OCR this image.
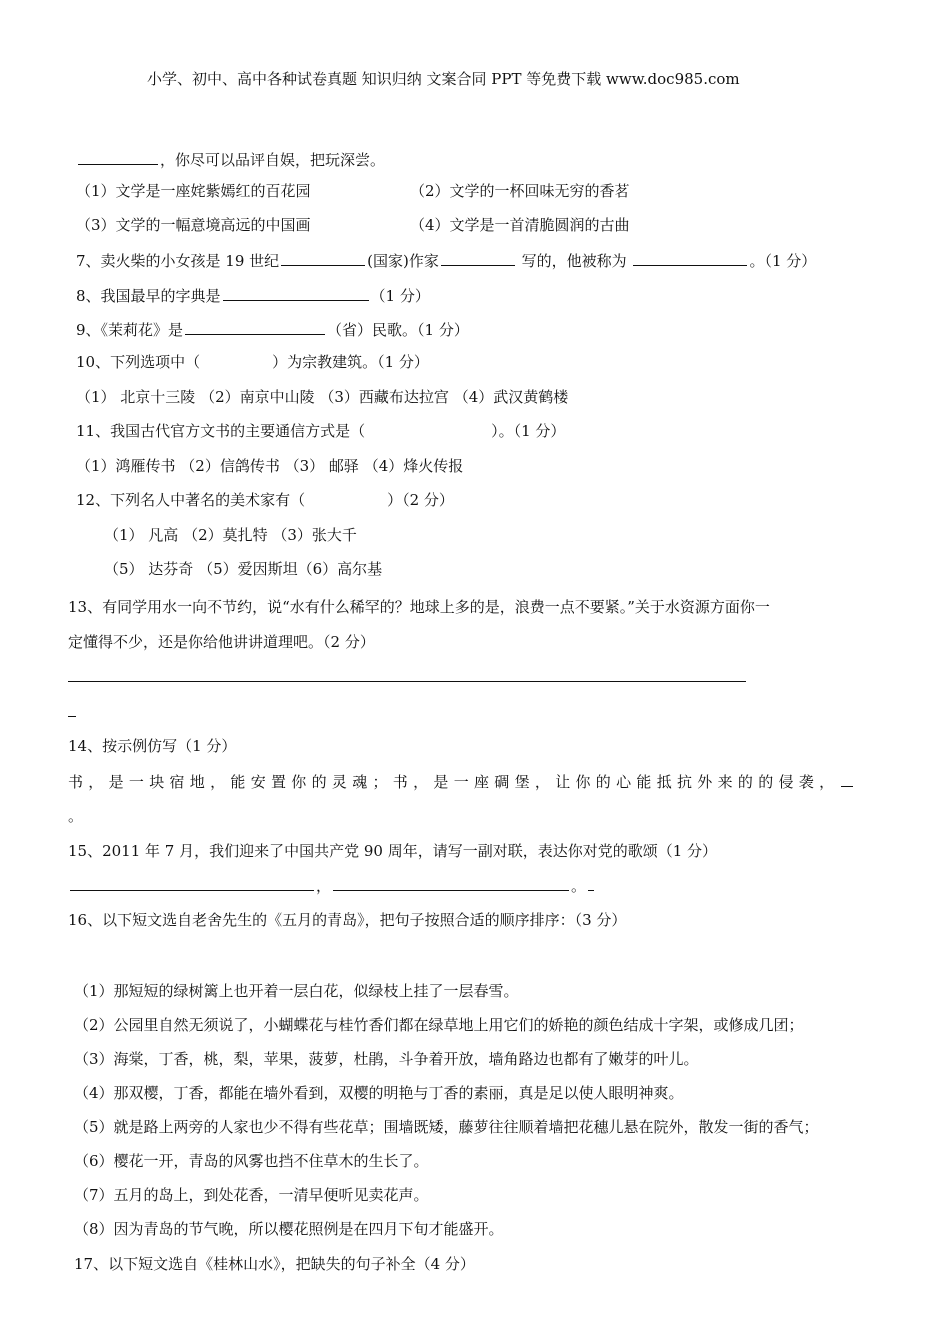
小学、初中、高中各种试卷真题 知识归纳 文案合同 PPT 等免费下载 www.doc985.com
，你尽可以品评自娱，把玩深尝。
（1）文学是一座姹紫嫣红的百花园	（2）文学的一杯回味无穷的香茗
（3）文学的一幅意境高远的中国画	（4）文学是一首清脆圆润的古曲
7、卖火柴的小女孩是 19 世纪	(国家)作家	写的，他被称为	。（1 分）
8、我国最早的字典是	（1 分）
9、《茉莉花》是	（省）民歌。（1 分）
10、下列选项中（	）为宗教建筑。（1 分）
（1） 北京十三陵 （2）南京中山陵 （3）西藏布达拉宫 （4）武汉黄鹤楼
11、我国古代官方文书的主要通信方式是（	）。（1 分）
（1）鸿雁传书 （2）信鸽传书 （3） 邮驿 （4）烽火传报
12、下列名人中著名的美术家有（	）（2 分）
（1） 凡高 （2）莫扎特 （3）张大千
（5） 达芬奇 （5）爱因斯坦（6）高尔基
13、有同学用水一向不节约，说“水有什么稀罕的？地球上多的是，浪费一点不要紧。”关于水资源方面你一
定懂得不少，还是你给他讲讲道理吧。（2 分）
14、按示例仿写（1 分）
书，是一块宿地，能安置你的灵魂；书，是一座碉堡，让你的心能抵抗外来的的侵袭，
。
15、2011 年 7 月，我们迎来了中国共产党 90 周年，请写一副对联，表达你对党的歌颂（1 分）
，	。
16、以下短文选自老舍先生的《五月的青岛》，把句子按照合适的顺序排序：（3 分）
（1）那短短的绿树篱上也开着一层白花，似绿枝上挂了一层春雪。
（2）公园里自然无须说了，小蝴蝶花与桂竹香们都在绿草地上用它们的娇艳的颜色结成十字架，或修成几团；
（3）海棠，丁香，桃，梨，苹果，菠萝，杜鹃，斗争着开放，墙角路边也都有了嫩芽的叶儿。
（4）那双樱，丁香，都能在墙外看到，双樱的明艳与丁香的素丽，真是足以使人眼明神爽。
（5）就是路上两旁的人家也少不得有些花草；围墙既矮，藤萝往往顺着墙把花穗儿悬在院外，散发一街的香气；
（6）樱花一开，青岛的风雾也挡不住草木的生长了。
（7）五月的岛上，到处花香，一清早便听见卖花声。
（8）因为青岛的节气晚，所以樱花照例是在四月下旬才能盛开。
17、以下短文选自《桂林山水》，把缺失的句子补全（4 分）
